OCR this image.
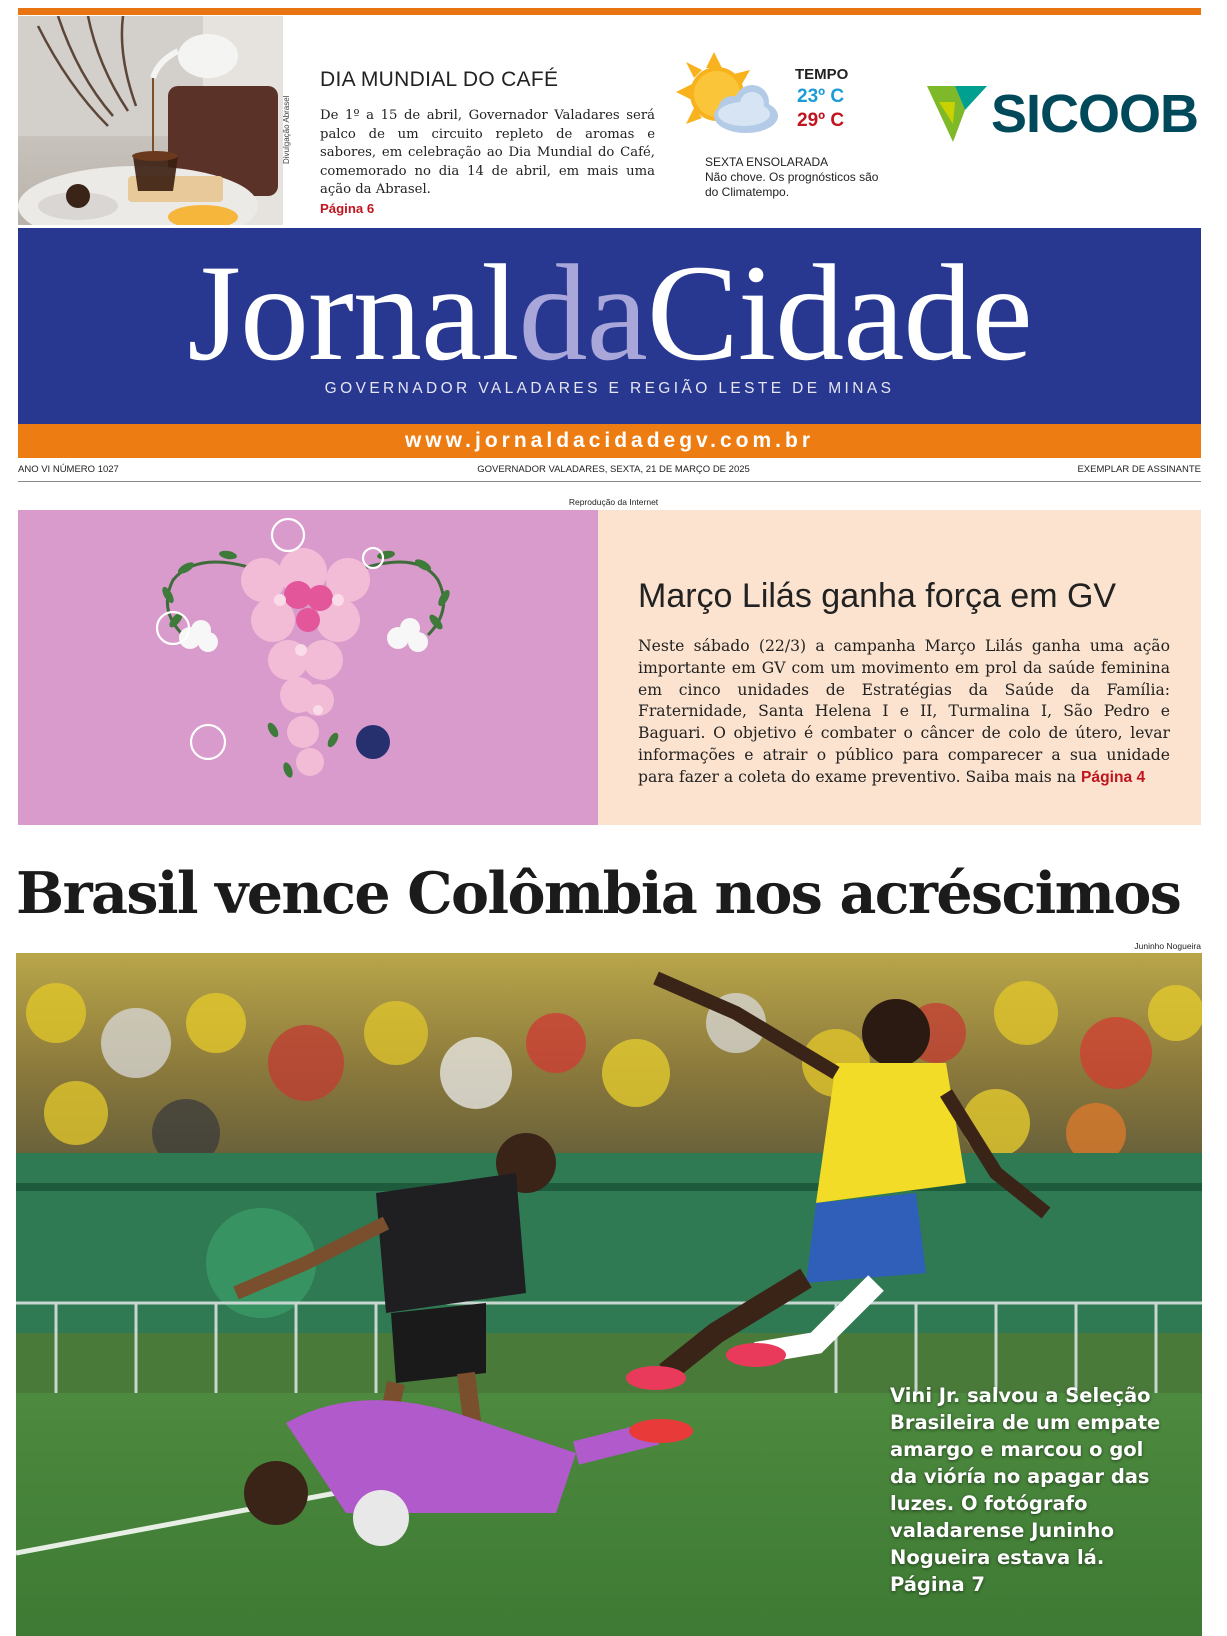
Divulgação Abrasel
DIA MUNDIAL DO CAFÉ
De 1º a 15 de abril, Governador Valadares será palco de um circuito repleto de aromas e sabores, em celebração ao Dia Mundial do Café, comemorado no dia 14 de abril, em mais uma ação da Abrasel.
Página 6
TEMPO
23º C
29º C
SEXTA ENSOLARADA
Não chove. Os prognósticos são do Climatempo.
SICOOB
JornaldaCidade
GOVERNADOR VALADARES E REGIÃO LESTE DE MINAS
www.jornaldacidadegv.com.br
ANO VI NÚMERO 1027	GOVERNADOR VALADARES, SEXTA, 21 DE MARÇO DE 2025	EXEMPLAR DE ASSINANTE
Reprodução da Internet
Março Lilás ganha força em GV
Neste sábado (22/3) a campanha Março Lilás ganha uma ação importante em GV com um movimento em prol da saúde feminina em cinco unidades de Estratégias da Saúde da Família: Fraternidade, Santa Helena I e II, Turmalina I, São Pedro e Baguari. O objetivo é combater o câncer de colo de útero, levar informações e atrair o público para comparecer a sua unidade para fazer a coleta do exame preventivo. Saiba mais na Página 4
Brasil vence Colômbia nos acréscimos
Juninho Nogueira
Vini Jr. salvou a Seleção Brasileira de um empate amargo e marcou o gol da vióría no apagar das luzes. O fotógrafo valadarense Juninho Nogueira estava lá. Página 7
